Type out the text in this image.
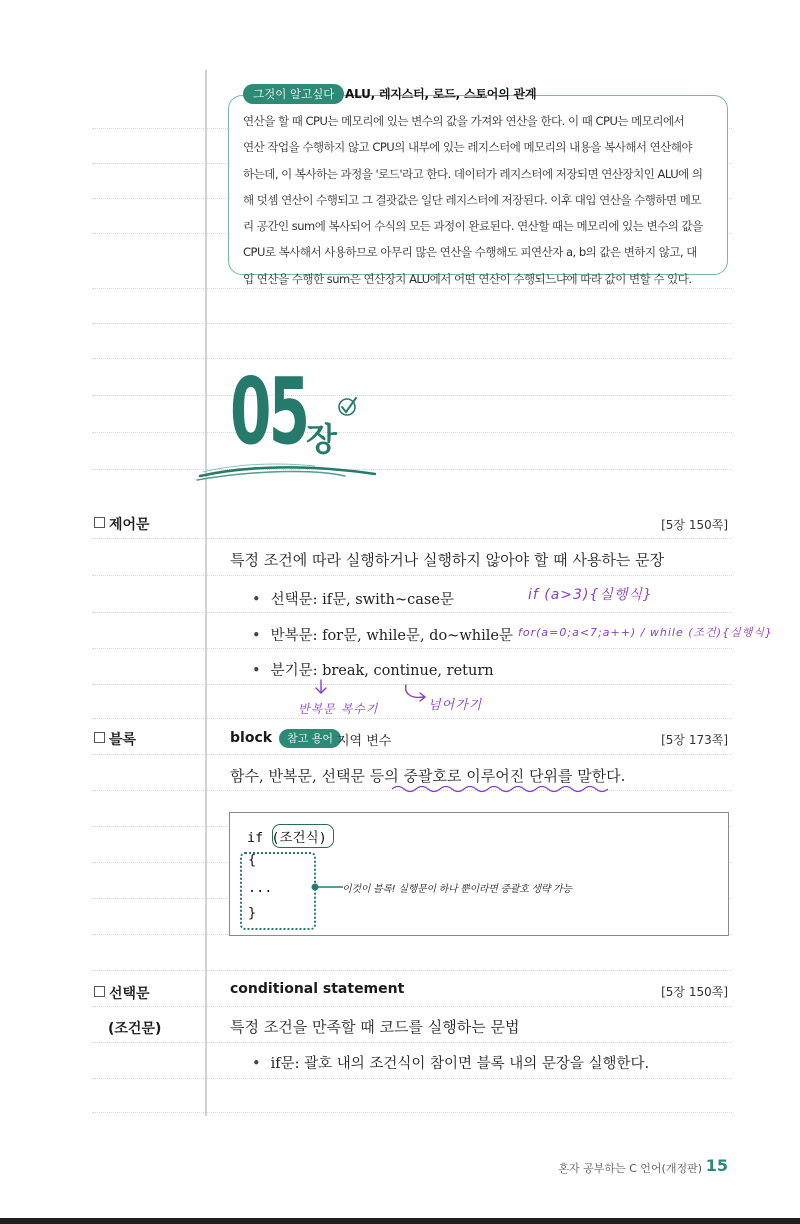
그것이 알고싶다 ALU, 레지스터, 로드, 스토어의 관계
연산을 할 때 CPU는 메모리에 있는 변수의 값을 가져와 연산을 한다. 이 때 CPU는 메모리에서
연산 작업을 수행하지 않고 CPU의 내부에 있는 레지스터에 메모리의 내용을 복사해서 연산해야
하는데, 이 복사하는 과정을 '로드'라고 한다. 데이터가 레지스터에 저장되면 연산장치인 ALU에 의
해 덧셈 연산이 수행되고 그 결괏값은 일단 레지스터에 저장된다. 이후 대입 연산을 수행하면 메모
리 공간인 sum에 복사되어 수식의 모든 과정이 완료된다. 연산할 때는 메모리에 있는 변수의 값을
CPU로 복사해서 사용하므로 아무리 많은 연산을 수행해도 피연산자 a, b의 값은 변하지 않고, 대
입 연산을 수행한 sum은 연산장치 ALU에서 어떤 연산이 수행되느냐에 따라 값이 변할 수 있다.
05
장
제어문	[5장 150쪽]
특정 조건에 따라 실행하거나 실행하지 않아야 할 때 사용하는 문장
• 선택문: if문, swith~case문
• 반복문: for문, while문, do~while문
• 분기문: break, continue, return
if (a>3){실행식}
for(a=0;a<7;a++) / while (조건){실행식}
반복문 복수기	넘어가기
블록	block	참고 용어 지역 변수	[5장 173쪽]
함수, 반복문, 선택문 등의 중괄호로 이루어진 단위를 말한다.
if (조건식)
{
...
}
이것이 블록! 실행문이 하나 뿐이라면 중괄호 생략 가능
선택문
(조건문)
conditional statement	[5장 150쪽]
특정 조건을 만족할 때 코드를 실행하는 문법
• if문: 괄호 내의 조건식이 참이면 블록 내의 문장을 실행한다.
혼자 공부하는 C 언어(개정판) 15
